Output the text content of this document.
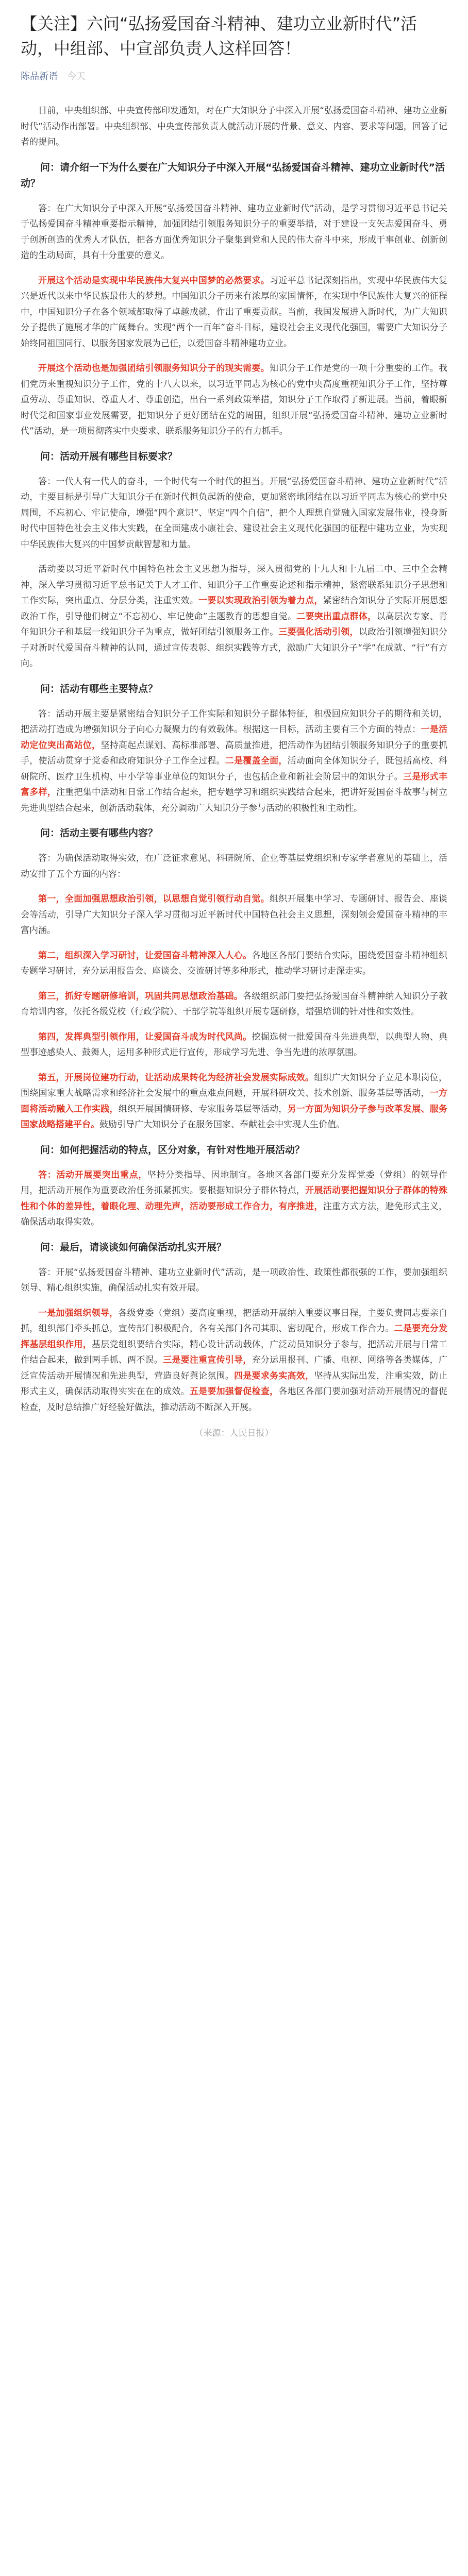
【关注】六问“弘扬爱国奋斗精神、建功立业新时代”活动，中组部、中宣部负责人这样回答！
陈品新语 今天

日前，中央组织部、中央宣传部印发通知，对在广大知识分子中深入开展“弘扬爱国奋斗精神、建功立业新时代”活动作出部署。中央组织部、中央宣传部负责人就活动开展的背景、意义、内容、要求等问题，回答了记者的提问。

问：请介绍一下为什么要在广大知识分子中深入开展“弘扬爱国奋斗精神、建功立业新时代”活动？

答：在广大知识分子中深入开展“弘扬爱国奋斗精神、建功立业新时代”活动，是学习贯彻习近平总书记关于弘扬爱国奋斗精神重要指示精神，加强团结引领服务知识分子的重要举措，对于建设一支矢志爱国奋斗、勇于创新创造的优秀人才队伍，把各方面优秀知识分子聚集到党和人民的伟大奋斗中来，形成干事创业、创新创造的生动局面，具有十分重要的意义。

开展这个活动是实现中华民族伟大复兴中国梦的必然要求。习近平总书记深刻指出，实现中华民族伟大复兴是近代以来中华民族最伟大的梦想。中国知识分子历来有浓厚的家国情怀，在实现中华民族伟大复兴的征程中，中国知识分子在各个领域都取得了卓越成就，作出了重要贡献。当前，我国发展进入新时代，为广大知识分子提供了施展才华的广阔舞台。实现“两个一百年”奋斗目标，建设社会主义现代化强国，需要广大知识分子始终同祖国同行、以服务国家发展为己任，以爱国奋斗精神建功立业。

开展这个活动也是加强团结引领服务知识分子的现实需要。知识分子工作是党的一项十分重要的工作。我们党历来重视知识分子工作，党的十八大以来，以习近平同志为核心的党中央高度重视知识分子工作，坚持尊重劳动、尊重知识、尊重人才、尊重创造，出台一系列政策举措，知识分子工作取得了新进展。当前，着眼新时代党和国家事业发展需要，把知识分子更好团结在党的周围，组织开展“弘扬爱国奋斗精神、建功立业新时代”活动，是一项贯彻落实中央要求、联系服务知识分子的有力抓手。

问：活动开展有哪些目标要求？

答：一代人有一代人的奋斗，一个时代有一个时代的担当。开展“弘扬爱国奋斗精神、建功立业新时代”活动，主要目标是引导广大知识分子在新时代担负起新的使命，更加紧密地团结在以习近平同志为核心的党中央周围，不忘初心、牢记使命，增强“四个意识”、坚定“四个自信”，把个人理想自觉融入国家发展伟业，投身新时代中国特色社会主义伟大实践，在全面建成小康社会、建设社会主义现代化强国的征程中建功立业，为实现中华民族伟大复兴的中国梦贡献智慧和力量。

活动要以习近平新时代中国特色社会主义思想为指导，深入贯彻党的十九大和十九届二中、三中全会精神，深入学习贯彻习近平总书记关于人才工作、知识分子工作重要论述和指示精神，紧密联系知识分子思想和工作实际，突出重点、分层分类，注重实效。一要以实现政治引领为着力点，紧密结合知识分子实际开展思想政治工作，引导他们树立“不忘初心、牢记使命”主题教育的思想自觉。二要突出重点群体，以高层次专家、青年知识分子和基层一线知识分子为重点，做好团结引领服务工作。三要强化活动引领，以政治引领增强知识分子对新时代爱国奋斗精神的认同，通过宣传表彰、组织实践等方式，激励广大知识分子“学”在成就、“行”有方向。

问：活动有哪些主要特点？

答：活动开展主要是紧密结合知识分子工作实际和知识分子群体特征，积极回应知识分子的期待和关切，把活动打造成为增强知识分子向心力凝聚力的有效载体。根据这一目标，活动主要有三个方面的特点：一是活动定位突出高站位，坚持高起点谋划、高标准部署、高质量推进，把活动作为团结引领服务知识分子的重要抓手，使活动贯穿于党委和政府知识分子工作全过程。二是覆盖全面，活动面向全体知识分子，既包括高校、科研院所、医疗卫生机构、中小学等事业单位的知识分子，也包括企业和新社会阶层中的知识分子。三是形式丰富多样，注重把集中活动和日常工作结合起来，把专题学习和组织实践结合起来，把讲好爱国奋斗故事与树立先进典型结合起来，创新活动载体，充分调动广大知识分子参与活动的积极性和主动性。

问：活动主要有哪些内容？

答：为确保活动取得实效，在广泛征求意见、科研院所、企业等基层党组织和专家学者意见的基础上，活动安排了五个方面的内容：

第一，全面加强思想政治引领，以思想自觉引领行动自觉。组织开展集中学习、专题研讨、报告会、座谈会等活动，引导广大知识分子深入学习贯彻习近平新时代中国特色社会主义思想，深刻领会爱国奋斗精神的丰富内涵。

第二，组织深入学习研讨，让爱国奋斗精神深入人心。各地区各部门要结合实际，围绕爱国奋斗精神组织专题学习研讨，充分运用报告会、座谈会、交流研讨等多种形式，推动学习研讨走深走实。

第三，抓好专题研修培训，巩固共同思想政治基础。各级组织部门要把弘扬爱国奋斗精神纳入知识分子教育培训内容，依托各级党校（行政学院）、干部学院等组织开展专题研修，增强培训的针对性和实效性。

第四，发挥典型引领作用，让爱国奋斗成为时代风尚。挖掘选树一批爱国奋斗先进典型，以典型人物、典型事迹感染人、鼓舞人，运用多种形式进行宣传，形成学习先进、争当先进的浓厚氛围。

第五，开展岗位建功行动，让活动成果转化为经济社会发展实际成效。组织广大知识分子立足本职岗位，围绕国家重大战略需求和经济社会发展中的重点难点问题，开展科研攻关、技术创新、服务基层等活动，一方面将活动融入工作实践，组织开展国情研修、专家服务基层等活动，另一方面为知识分子参与改革发展、服务国家战略搭建平台。鼓励引导广大知识分子在服务国家、奉献社会中实现人生价值。

问：如何把握活动的特点，区分对象，有针对性地开展活动？

答：活动开展要突出重点，坚持分类指导、因地制宜。各地区各部门要充分发挥党委（党组）的领导作用，把活动开展作为重要政治任务抓紧抓实。要根据知识分子群体特点，开展活动要把握知识分子群体的特殊性和个体的差异性，着眼化理、动理先声，活动要形成工作合力，有序推进，注重方式方法，避免形式主义，确保活动取得实效。

问：最后，请谈谈如何确保活动扎实开展？

答：开展“弘扬爱国奋斗精神、建功立业新时代”活动，是一项政治性、政策性都很强的工作，要加强组织领导、精心组织实施，确保活动扎实有效开展。

一是加强组织领导，各级党委（党组）要高度重视，把活动开展纳入重要议事日程，主要负责同志要亲自抓，组织部门牵头抓总，宣传部门积极配合，各有关部门各司其职、密切配合，形成工作合力。二是要充分发挥基层组织作用，基层党组织要结合实际，精心设计活动载体，广泛动员知识分子参与，把活动开展与日常工作结合起来，做到两手抓、两不误。三是要注重宣传引导，充分运用报刊、广播、电视、网络等各类媒体，广泛宣传活动开展情况和先进典型，营造良好舆论氛围。四是要求务实高效，坚持从实际出发，注重实效，防止形式主义，确保活动取得实实在在的成效。五是要加强督促检查，各地区各部门要加强对活动开展情况的督促检查，及时总结推广好经验好做法，推动活动不断深入开展。

（来源：人民日报）
